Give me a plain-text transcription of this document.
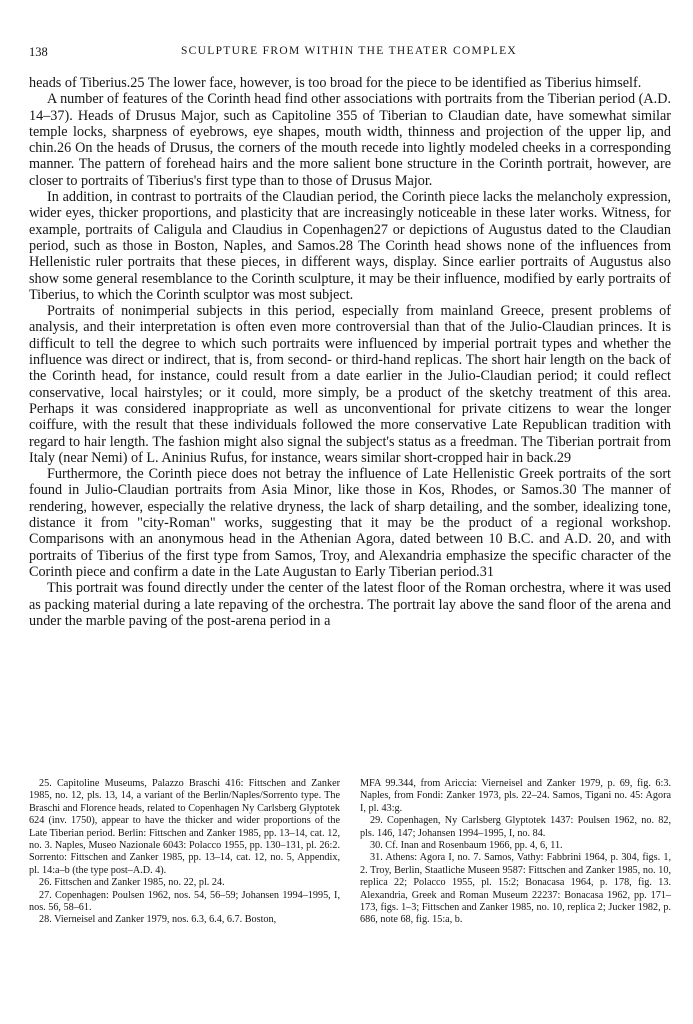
138	SCULPTURE FROM WITHIN THE THEATER COMPLEX

heads of Tiberius.25 The lower face, however, is too broad for the piece to be identified as Tiberius himself.

A number of features of the Corinth head find other associations with portraits from the Tiberian period (A.D. 14–37). Heads of Drusus Major, such as Capitoline 355 of Tiberian to Claudian date, have somewhat similar temple locks, sharpness of eyebrows, eye shapes, mouth width, thinness and projection of the upper lip, and chin.26 On the heads of Drusus, the corners of the mouth recede into lightly modeled cheeks in a corresponding manner. The pattern of forehead hairs and the more salient bone structure in the Corinth portrait, however, are closer to portraits of Tiberius's first type than to those of Drusus Major.

In addition, in contrast to portraits of the Claudian period, the Corinth piece lacks the melancholy expression, wider eyes, thicker proportions, and plasticity that are increasingly noticeable in these later works. Witness, for example, portraits of Caligula and Claudius in Copenhagen27 or depictions of Augustus dated to the Claudian period, such as those in Boston, Naples, and Samos.28 The Corinth head shows none of the influences from Hellenistic ruler portraits that these pieces, in different ways, display. Since earlier portraits of Augustus also show some general resemblance to the Corinth sculpture, it may be their influence, modified by early portraits of Tiberius, to which the Corinth sculptor was most subject.

Portraits of nonimperial subjects in this period, especially from mainland Greece, present problems of analysis, and their interpretation is often even more controversial than that of the Julio-Claudian princes. It is difficult to tell the degree to which such portraits were influenced by imperial portrait types and whether the influence was direct or indirect, that is, from second- or third-hand replicas. The short hair length on the back of the Corinth head, for instance, could result from a date earlier in the Julio-Claudian period; it could reflect conservative, local hairstyles; or it could, more simply, be a product of the sketchy treatment of this area. Perhaps it was considered inappropriate as well as unconventional for private citizens to wear the longer coiffure, with the result that these individuals followed the more conservative Late Republican tradition with regard to hair length. The fashion might also signal the subject's status as a freedman. The Tiberian portrait from Italy (near Nemi) of L. Aninius Rufus, for instance, wears similar short-cropped hair in back.29

Furthermore, the Corinth piece does not betray the influence of Late Hellenistic Greek portraits of the sort found in Julio-Claudian portraits from Asia Minor, like those in Kos, Rhodes, or Samos.30 The manner of rendering, however, especially the relative dryness, the lack of sharp detailing, and the somber, idealizing tone, distance it from "city-Roman" works, suggesting that it may be the product of a regional workshop. Comparisons with an anonymous head in the Athenian Agora, dated between 10 B.C. and A.D. 20, and with portraits of Tiberius of the first type from Samos, Troy, and Alexandria emphasize the specific character of the Corinth piece and confirm a date in the Late Augustan to Early Tiberian period.31

This portrait was found directly under the center of the latest floor of the Roman orchestra, where it was used as packing material during a late repaving of the orchestra. The portrait lay above the sand floor of the arena and under the marble paving of the post-arena period in a

25. Capitoline Museums, Palazzo Braschi 416: Fittschen and Zanker 1985, no. 12, pls. 13, 14, a variant of the Berlin/Naples/Sorrento type. The Braschi and Florence heads, related to Copenhagen Ny Carlsberg Glyptotek 624 (inv. 1750), appear to have the thicker and wider proportions of the Late Tiberian period. Berlin: Fittschen and Zanker 1985, pp. 13–14, cat. 12, no. 3. Naples, Museo Nazionale 6043: Polacco 1955, pp. 130–131, pl. 26:2. Sorrento: Fittschen and Zanker 1985, pp. 13–14, cat. 12, no. 5, Appendix, pl. 14:a–b (the type post–A.D. 4).

26. Fittschen and Zanker 1985, no. 22, pl. 24.

27. Copenhagen: Poulsen 1962, nos. 54, 56–59; Johansen 1994–1995, I, nos. 56, 58–61.

28. Vierneisel and Zanker 1979, nos. 6.3, 6.4, 6.7. Boston,

MFA 99.344, from Ariccia: Vierneisel and Zanker 1979, p. 69, fig. 6:3. Naples, from Fondi: Zanker 1973, pls. 22–24. Samos, Tigani no. 45: Agora I, pl. 43:g.

29. Copenhagen, Ny Carlsberg Glyptotek 1437: Poulsen 1962, no. 82, pls. 146, 147; Johansen 1994–1995, I, no. 84.

30. Cf. Inan and Rosenbaum 1966, pp. 4, 6, 11.

31. Athens: Agora I, no. 7. Samos, Vathy: Fabbrini 1964, p. 304, figs. 1, 2. Troy, Berlin, Staatliche Museen 9587: Fittschen and Zanker 1985, no. 10, replica 22; Polacco 1955, pl. 15:2; Bonacasa 1964, p. 178, fig. 13. Alexandria, Greek and Roman Museum 22237: Bonacasa 1962, pp. 171–173, figs. 1–3; Fittschen and Zanker 1985, no. 10, replica 2; Jucker 1982, p. 686, note 68, fig. 15:a, b.
